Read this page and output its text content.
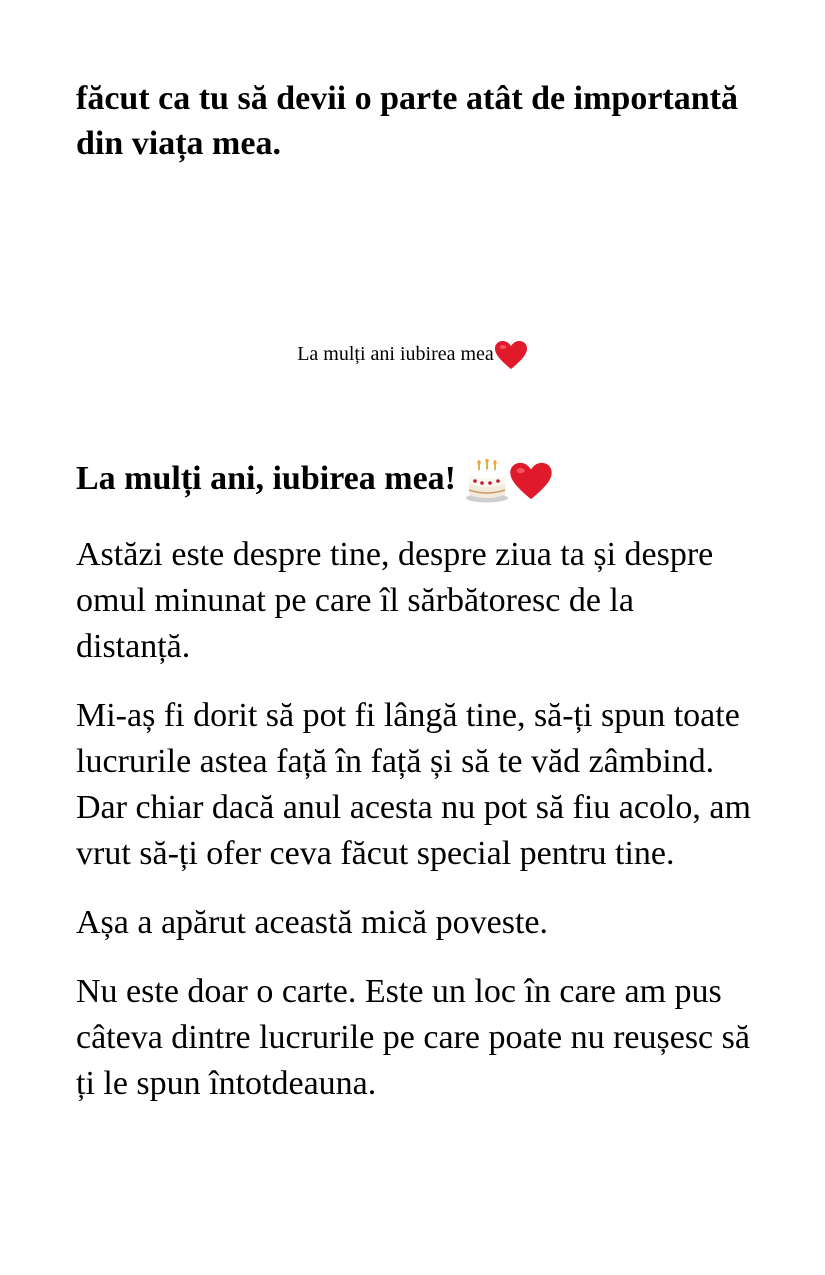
făcut ca tu să devii o parte atât de importantă din viața mea.

La mulți ani iubirea mea

La mulți ani, iubirea mea!

Astăzi este despre tine, despre ziua ta și despre omul minunat pe care îl sărbătoresc de la distanță.

Mi-aș fi dorit să pot fi lângă tine, să-ți spun toate lucrurile astea față în față și să te văd zâmbind. Dar chiar dacă anul acesta nu pot să fiu acolo, am vrut să-ți ofer ceva făcut special pentru tine.

Așa a apărut această mică poveste.

Nu este doar o carte. Este un loc în care am pus câteva dintre lucrurile pe care poate nu reușesc să ți le spun întotdeauna.
